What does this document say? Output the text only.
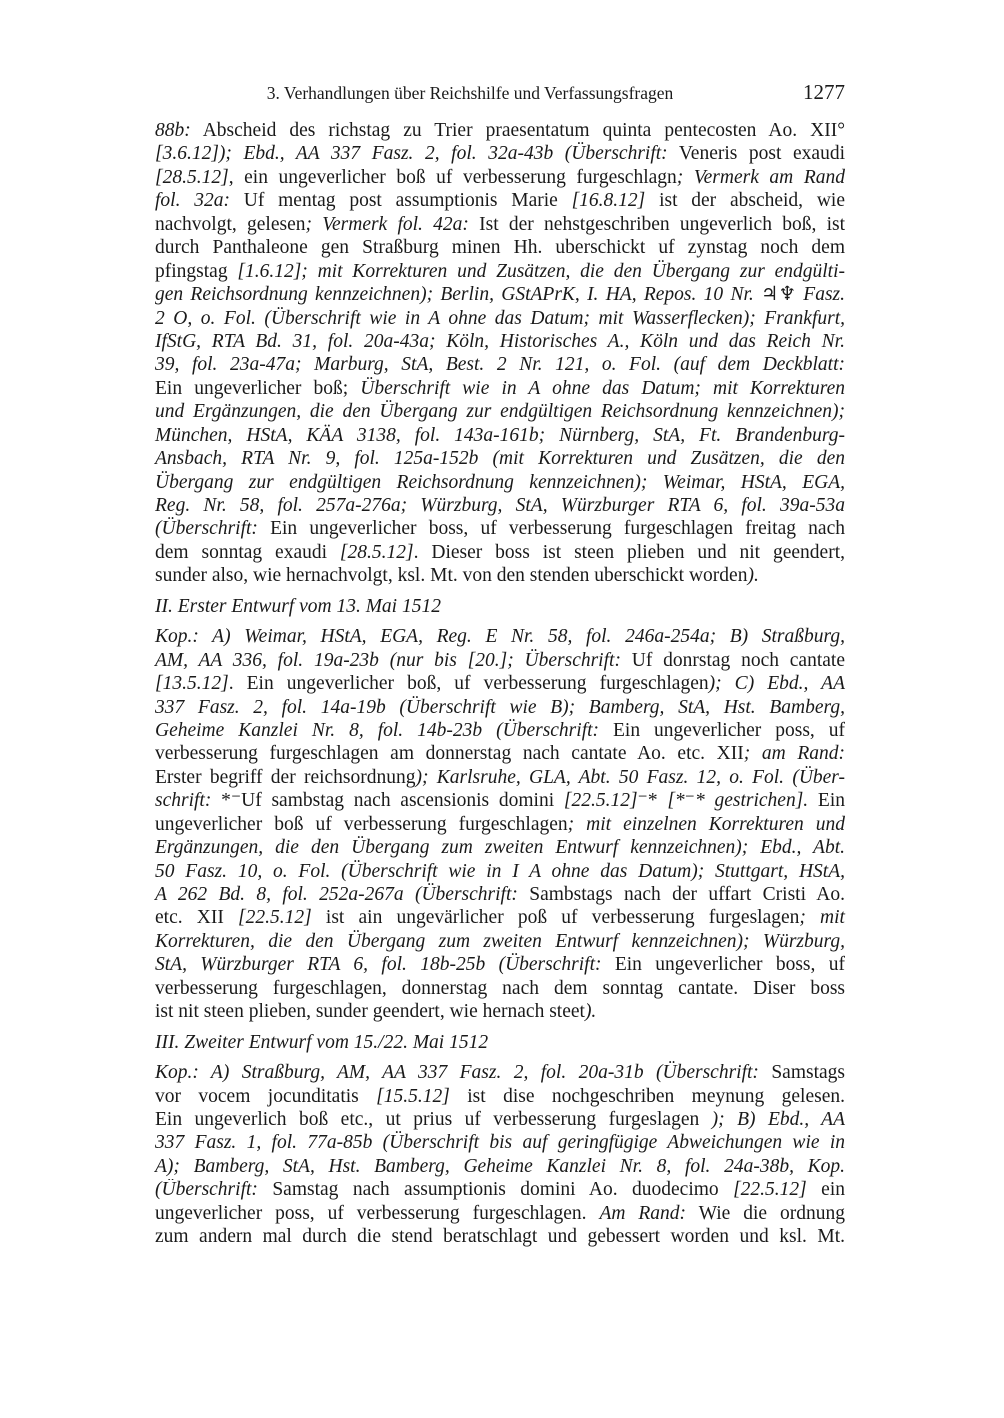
3. Verhandlungen über Reichshilfe und Verfassungsfragen	1277
88b: Abscheid des richstag zu Trier praesentatum quinta pentecosten Ao. XII°
[3.6.12]); Ebd., AA 337 Fasz. 2, fol. 32a-43b (Überschrift: Veneris post exaudi
[28.5.12], ein ungeverlicher boß uf verbesserung furgeschlagn; Vermerk am Rand
fol. 32a: Uf mentag post assumptionis Marie [16.8.12] ist der abscheid, wie
nachvolgt, gelesen; Vermerk fol. 42a: Ist der nehstgeschriben ungeverlich boß, ist
durch Panthaleone gen Straßburg minen Hh. uberschickt uf zynstag noch dem
pfingstag [1.6.12]; mit Korrekturen und Zusätzen, die den Übergang zur endgülti-
gen Reichsordnung kennzeichnen); Berlin, GStAPrK, I. HA, Repos. 10 Nr. ♃♆ Fasz.
2 O, o. Fol. (Überschrift wie in A ohne das Datum; mit Wasserflecken); Frankfurt,
IfStG, RTA Bd. 31, fol. 20a-43a; Köln, Historisches A., Köln und das Reich Nr.
39, fol. 23a-47a; Marburg, StA, Best. 2 Nr. 121, o. Fol. (auf dem Deckblatt:
Ein ungeverlicher boß; Überschrift wie in A ohne das Datum; mit Korrekturen
und Ergänzungen, die den Übergang zur endgültigen Reichsordnung kennzeichnen);
München, HStA, KÄA 3138, fol. 143a-161b; Nürnberg, StA, Ft. Brandenburg-
Ansbach, RTA Nr. 9, fol. 125a-152b (mit Korrekturen und Zusätzen, die den
Übergang zur endgültigen Reichsordnung kennzeichnen); Weimar, HStA, EGA,
Reg. Nr. 58, fol. 257a-276a; Würzburg, StA, Würzburger RTA 6, fol. 39a-53a
(Überschrift: Ein ungeverlicher boss, uf verbesserung furgeschlagen freitag nach
dem sonntag exaudi [28.5.12]. Dieser boss ist steen plieben und nit geendert,
sunder also, wie hernachvolgt, ksl. Mt. von den stenden uberschickt worden).
II. Erster Entwurf vom 13. Mai 1512
Kop.: A) Weimar, HStA, EGA, Reg. E Nr. 58, fol. 246a-254a; B) Straßburg,
AM, AA 336, fol. 19a-23b (nur bis [20.]; Überschrift: Uf donrstag noch cantate
[13.5.12]. Ein ungeverlicher boß, uf verbesserung furgeschlagen); C) Ebd., AA
337 Fasz. 2, fol. 14a-19b (Überschrift wie B); Bamberg, StA, Hst. Bamberg,
Geheime Kanzlei Nr. 8, fol. 14b-23b (Überschrift: Ein ungeverlicher poss, uf
verbesserung furgeschlagen am donnerstag nach cantate Ao. etc. XII; am Rand:
Erster begriff der reichsordnung); Karlsruhe, GLA, Abt. 50 Fasz. 12, o. Fol. (Über-
schrift: *⁻Uf sambstag nach ascensionis domini [22.5.12]⁻* [*⁻* gestrichen]. Ein
ungeverlicher boß uf verbesserung furgeschlagen; mit einzelnen Korrekturen und
Ergänzungen, die den Übergang zum zweiten Entwurf kennzeichnen); Ebd., Abt.
50 Fasz. 10, o. Fol. (Überschrift wie in I A ohne das Datum); Stuttgart, HStA,
A 262 Bd. 8, fol. 252a-267a (Überschrift: Sambstags nach der uffart Cristi Ao.
etc. XII [22.5.12] ist ain ungevärlicher poß uf verbesserung furgeslagen; mit
Korrekturen, die den Übergang zum zweiten Entwurf kennzeichnen); Würzburg,
StA, Würzburger RTA 6, fol. 18b-25b (Überschrift: Ein ungeverlicher boss, uf
verbesserung furgeschlagen, donnerstag nach dem sonntag cantate. Diser boss
ist nit steen plieben, sunder geendert, wie hernach steet).
III. Zweiter Entwurf vom 15./22. Mai 1512
Kop.: A) Straßburg, AM, AA 337 Fasz. 2, fol. 20a-31b (Überschrift: Samstags
vor vocem jocunditatis [15.5.12] ist dise nochgeschriben meynung gelesen.
Ein ungeverlich boß etc., ut prius uf verbesserung furgeslagen ); B) Ebd., AA
337 Fasz. 1, fol. 77a-85b (Überschrift bis auf geringfügige Abweichungen wie in
A); Bamberg, StA, Hst. Bamberg, Geheime Kanzlei Nr. 8, fol. 24a-38b, Kop.
(Überschrift: Samstag nach assumptionis domini Ao. duodecimo [22.5.12] ein
ungeverlicher poss, uf verbesserung furgeschlagen. Am Rand: Wie die ordnung
zum andern mal durch die stend beratschlagt und gebessert worden und ksl. Mt.
